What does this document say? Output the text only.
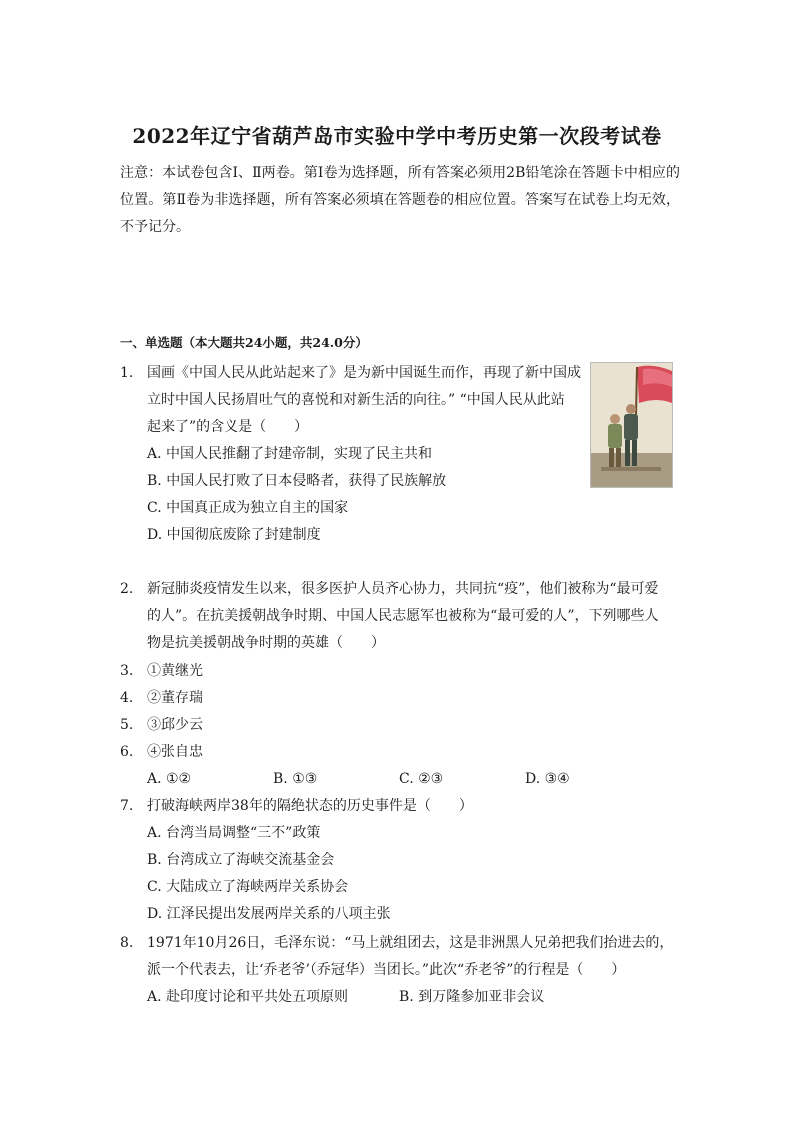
2022年辽宁省葫芦岛市实验中学中考历史第一次段考试卷
注意：本试卷包含Ⅰ、Ⅱ两卷。第Ⅰ卷为选择题，所有答案必须用2B铅笔涂在答题卡中相应的位置。第Ⅱ卷为非选择题，所有答案必须填在答题卷的相应位置。答案写在试卷上均无效，不予记分。
一、单选题（本大题共24小题，共24.0分）
1. 国画《中国人民从此站起来了》是为新中国诞生而作，再现了新中国成
立时中国人民扬眉吐气的喜悦和对新生活的向往。” “中国人民从此站
起来了”的含义是（　　）
A. 中国人民推翻了封建帝制，实现了民主共和
B. 中国人民打败了日本侵略者，获得了民族解放
C. 中国真正成为独立自主的国家
D. 中国彻底废除了封建制度
2. 新冠肺炎疫情发生以来，很多医护人员齐心协力，共同抗“疫”，他们被称为“最可爱
的人”。在抗美援朝战争时期、中国人民志愿军也被称为“最可爱的人”，下列哪些人
物是抗美援朝战争时期的英雄（　　）
3. ①黄继光
4. ②董存瑞
5. ③邱少云
6. ④张自忠
A. ①②	B. ①③	C. ②③	D. ③④
7. 打破海峡两岸38年的隔绝状态的历史事件是（　　）
A. 台湾当局调整“三不”政策
B. 台湾成立了海峡交流基金会
C. 大陆成立了海峡两岸关系协会
D. 江泽民提出发展两岸关系的八项主张
8. 1971年10月26日，毛泽东说：“马上就组团去，这是非洲黑人兄弟把我们抬进去的，
派一个代表去，让‘乔老爷’（乔冠华）当团长。”此次“乔老爷”的行程是（　　）
A. 赴印度讨论和平共处五项原则	B. 到万隆参加亚非会议
